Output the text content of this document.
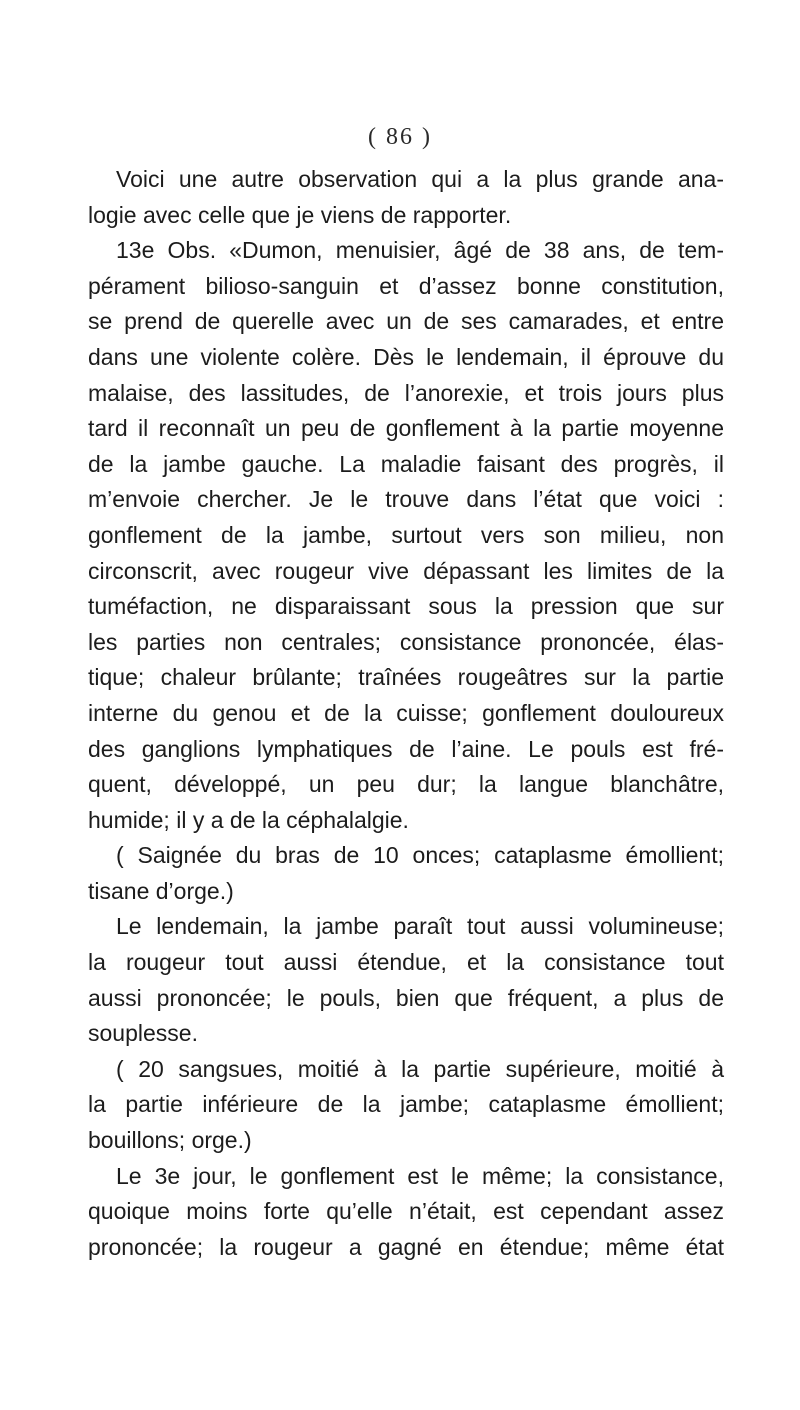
( 86 )
Voici une autre observation qui a la plus grande ana-
logie avec celle que je viens de rapporter.
13e Obs. «Dumon, menuisier, âgé de 38 ans, de tem-
pérament bilioso-sanguin et d’assez bonne constitution,
se prend de querelle avec un de ses camarades, et entre
dans une violente colère. Dès le lendemain, il éprouve du
malaise, des lassitudes, de l’anorexie, et trois jours plus
tard il reconnaît un peu de gonflement à la partie moyenne
de la jambe gauche. La maladie faisant des progrès, il
m’envoie chercher. Je le trouve dans l’état que voici :
gonflement de la jambe, surtout vers son milieu, non
circonscrit, avec rougeur vive dépassant les limites de la
tuméfaction, ne disparaissant sous la pression que sur
les parties non centrales; consistance prononcée, élas-
tique; chaleur brûlante; traînées rougeâtres sur la partie
interne du genou et de la cuisse; gonflement douloureux
des ganglions lymphatiques de l’aine. Le pouls est fré-
quent, développé, un peu dur; la langue blanchâtre,
humide; il y a de la céphalalgie.
( Saignée du bras de 10 onces; cataplasme émollient;
tisane d’orge.)
Le lendemain, la jambe paraît tout aussi volumineuse;
la rougeur tout aussi étendue, et la consistance tout
aussi prononcée; le pouls, bien que fréquent, a plus de
souplesse.
( 20 sangsues, moitié à la partie supérieure, moitié à
la partie inférieure de la jambe; cataplasme émollient;
bouillons; orge.)
Le 3e jour, le gonflement est le même; la consistance,
quoique moins forte qu’elle n’était, est cependant assez
prononcée; la rougeur a gagné en étendue; même état
